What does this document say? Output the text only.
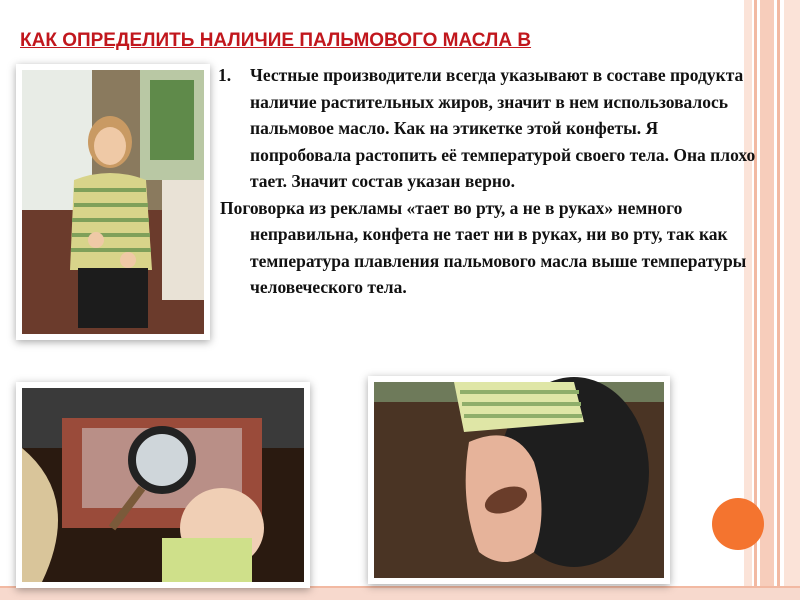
КАК ОПРЕДЕЛИТЬ НАЛИЧИЕ ПАЛЬМОВОГО МАСЛА В
1. Честные производители всегда указывают в составе продукта наличие растительных жиров, значит в нем использовалось пальмовое масло. Как на этикетке этой конфеты. Я попробовала растопить её температурой своего тела. Она плохо тает. Значит состав указан верно.

Поговорка из рекламы «тает во рту, а не в руках» немного неправильна, конфета не тает ни в руках, ни во рту, так как температура плавления пальмового масла выше температуры человеческого тела.
